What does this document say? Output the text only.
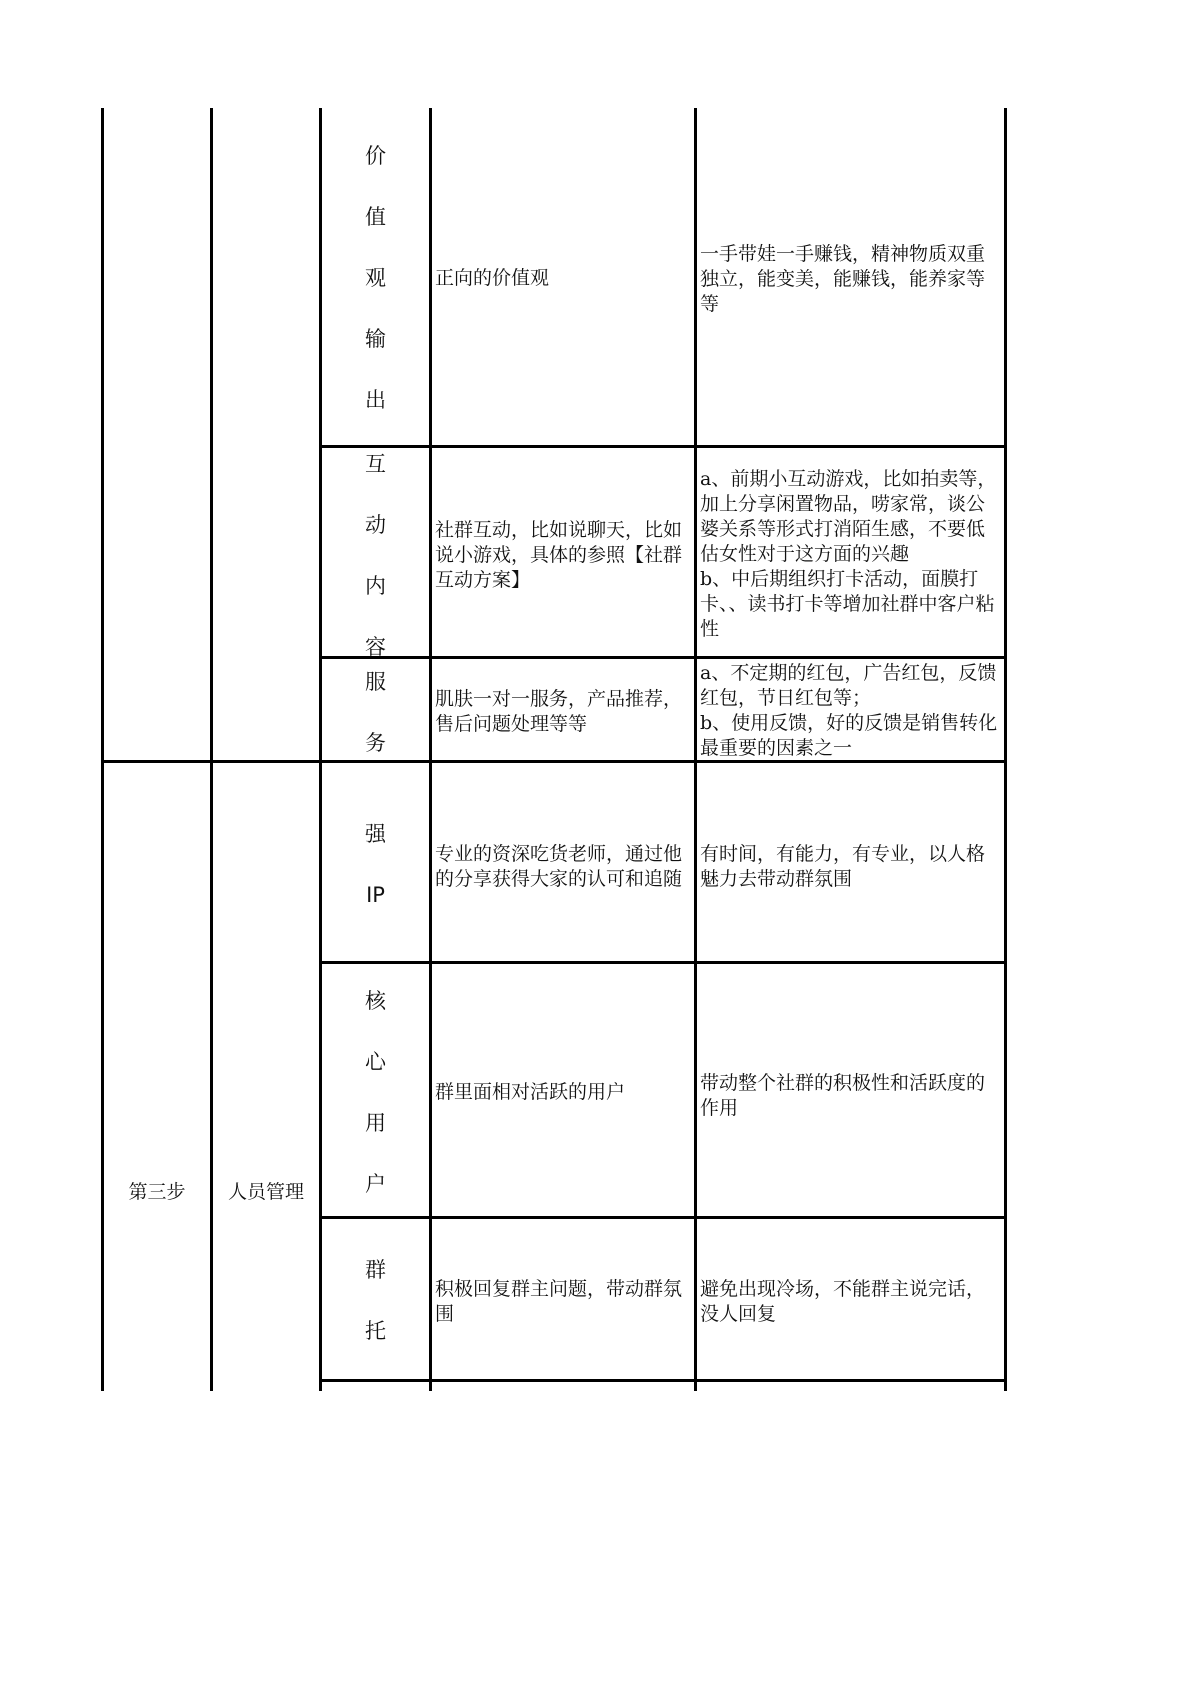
价
值
观
输
出
正向的价值观
一手带娃一手赚钱，精神物质双重独立，能变美，能赚钱，能养家等等
互
动
内
容
社群互动，比如说聊天，比如说小游戏，具体的参照【社群互动方案】
a、前期小互动游戏，比如拍卖等，加上分享闲置物品，唠家常，谈公婆关系等形式打消陌生感，不要低估女性对于这方面的兴趣
b、中后期组织打卡活动，面膜打卡、、读书打卡等增加社群中客户粘性
服
务
肌肤一对一服务，产品推荐，售后问题处理等等
a、不定期的红包，广告红包，反馈红包，节日红包等；
b、使用反馈，好的反馈是销售转化最重要的因素之一
第三步	人员管理
强
IP
专业的资深吃货老师，通过他的分享获得大家的认可和追随
有时间，有能力，有专业，以人格魅力去带动群氛围
核
心
用
户
群里面相对活跃的用户	带动整个社群的积极性和活跃度的作用
群
托
积极回复群主问题，带动群氛围
避免出现冷场，不能群主说完话，没人回复
